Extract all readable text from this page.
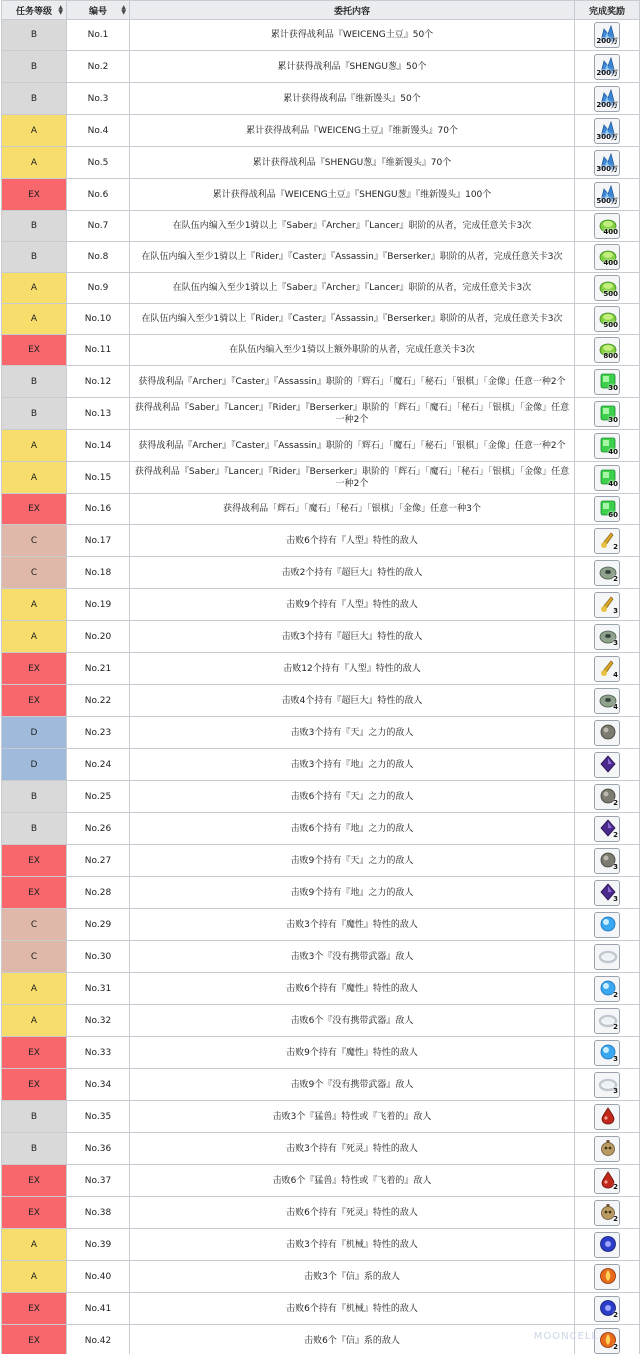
任务等级 ▲
▼	编号 ▲
▼	委托内容	完成奖励
B	No.1	累计获得战利品『WEICENG土豆』50个	200万

B	No.2	累计获得战利品『SHENGU葱』50个	200万

B	No.3	累计获得战利品『维新馒头』50个	200万

A	No.4	累计获得战利品『WEICENG土豆』『维新馒头』70个	300万

A	No.5	累计获得战利品『SHENGU葱』『维新馒头』70个	300万

EX	No.6	累计获得战利品『WEICENG土豆』『SHENGU葱』『维新馒头』100个	500万

B	No.7	在队伍内编入至少1骑以上『Saber』『Archer』『Lancer』职阶的从者，完成任意关卡3次	400

B	No.8	在队伍内编入至少1骑以上『Rider』『Caster』『Assassin』『Berserker』职阶的从者，完成任意关卡3次	400

A	No.9	在队伍内编入至少1骑以上『Saber』『Archer』『Lancer』职阶的从者，完成任意关卡3次	500

A	No.10	在队伍内编入至少1骑以上『Rider』『Caster』『Assassin』『Berserker』职阶的从者，完成任意关卡3次	500

EX	No.11	在队伍内编入至少1骑以上额外职阶的从者，完成任意关卡3次	800

B	No.12	获得战利品『Archer』『Caster』『Assassin』职阶的「辉石」「魔石」「秘石」「银棋」「金像」任意一种2个	30

B	No.13	获得战利品『Saber』『Lancer』『Rider』『Berserker』职阶的「辉石」「魔石」「秘石」「银棋」「金像」任意一种2个	30

A	No.14	获得战利品『Archer』『Caster』『Assassin』职阶的「辉石」「魔石」「秘石」「银棋」「金像」任意一种2个	40

A	No.15	获得战利品『Saber』『Lancer』『Rider』『Berserker』职阶的「辉石」「魔石」「秘石」「银棋」「金像」任意一种2个	40

EX	No.16	获得战利品「辉石」「魔石」「秘石」「银棋」「金像」任意一种3个	60

C	No.17	击败6个持有『人型』特性的敌人	2

C	No.18	击败2个持有『超巨大』特性的敌人	2

A	No.19	击败9个持有『人型』特性的敌人	3

A	No.20	击败3个持有『超巨大』特性的敌人	3

EX	No.21	击败12个持有『人型』特性的敌人	4

EX	No.22	击败4个持有『超巨大』特性的敌人	4

D	No.23	击败3个持有『天』之力的敌人	

D	No.24	击败3个持有『地』之力的敌人	

B	No.25	击败6个持有『天』之力的敌人	2

B	No.26	击败6个持有『地』之力的敌人	2

EX	No.27	击败9个持有『天』之力的敌人	3

EX	No.28	击败9个持有『地』之力的敌人	3

C	No.29	击败3个持有『魔性』特性的敌人	

C	No.30	击败3个『没有携带武器』敌人	

A	No.31	击败6个持有『魔性』特性的敌人	2

A	No.32	击败6个『没有携带武器』敌人	2

EX	No.33	击败9个持有『魔性』特性的敌人	3

EX	No.34	击败9个『没有携带武器』敌人	3

B	No.35	击败3个『猛兽』特性或『飞着的』敌人	

B	No.36	击败3个持有『死灵』特性的敌人	

EX	No.37	击败6个『猛兽』特性或『飞着的』敌人	2

EX	No.38	击败6个持有『死灵』特性的敌人	2

A	No.39	击败3个持有『机械』特性的敌人	

A	No.40	击败3个『信』系的敌人	

EX	No.41	击败6个持有『机械』特性的敌人	2

EX	No.42	击败6个『信』系的敌人	2
MOONCELL
